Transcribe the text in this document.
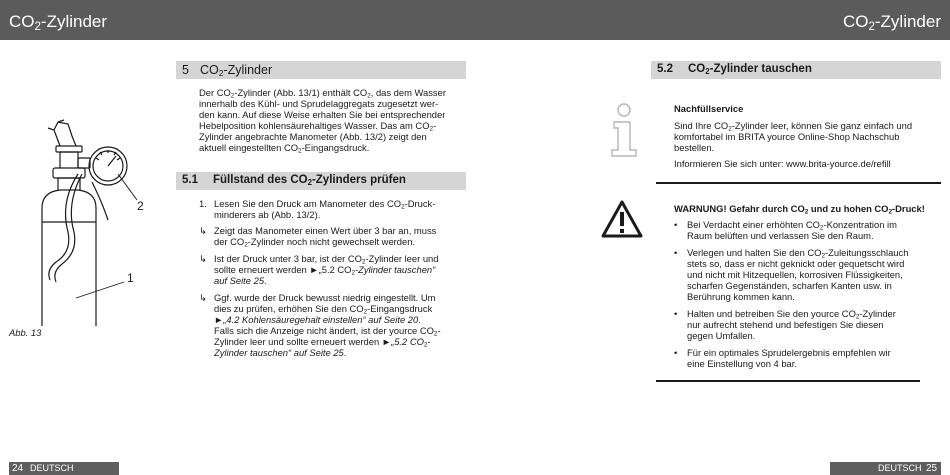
$CO_2$-Zylinder	$CO_2$-Zylinder
2
1
Abb. 13
5 $CO_2$-Zylinder
Der $CO_2$-Zylinder (Abb. 13/1) enthält $CO_2$, das dem Wasser
innerhalb des Kühl- und Sprudelaggregats zugesetzt wer-
den kann. Auf diese Weise erhalten Sie bei entsprechender
Hebelposition kohlensäurehaltiges Wasser. Das am $CO_2-$
Zylinder angebrachte Manometer (Abb. 13/2) zeigt den
aktuell eingestellten $CO_2$-Eingangsdruck.
5.1 Füllstand des $CO_2$-Zylinders prüfen
1. Lesen Sie den Druck am Manometer des $CO_2-Druck-$
minderers ab (Abb. 13/2).
↳ Zeigt das Manometer einen Wert über 3 bar an, muss
der $CO_2$-Zylinder noch nicht gewechselt werden.
↳ Ist der Druck unter 3 bar, ist der $CO_2$-Zylinder leer und
sollte erneuert werden ►„5.2 $CO_2$-Zylinder tauschen“
auf Seite 25.
↳ Ggf. wurde der Druck bewusst niedrig eingestellt. Um
dies zu prüfen, erhöhen Sie den $CO_2$-Eingangsdruck
►„4.2 Kohlensäuregehalt einstellen“ auf Seite 20.
Falls sich die Anzeige nicht ändert, ist der yource $CO_2-$
Zylinder leer und sollte erneuert werden ►„5.2 $CO_2-$
Zylinder tauschen“ auf Seite 25.
5.2 $CO_2$-Zylinder tauschen
Nachfüllservice
Sind Ihre $CO_2$-Zylinder leer, können Sie ganz einfach und
komfortabel im BRITA yource Online-Shop Nachschub
bestellen.
Informieren Sie sich unter: www.brita-yource.de/refill
WARNUNG! Gefahr durch $CO_2$ und zu hohen $CO_2$-Druck!
• Bei Verdacht einer erhöhten $CO_2$-Konzentration im
Raum belüften und verlassen Sie den Raum.
• Verlegen und halten Sie den $CO_2$-Zuleitungsschlauch
stets so, dass er nicht geknickt oder gequetscht wird
und nicht mit Hitzequellen, korrosiven Flüssigkeiten,
scharfen Gegenständen, scharfen Kanten usw. in
Berührung kommen kann.
• Halten und betreiben Sie den yource $CO_2$-Zylinder
nur aufrecht stehend und befestigen Sie diesen
gegen Umfallen.
• Für ein optimales Sprudelergebnis empfehlen wir
eine Einstellung von 4 bar.
24 DEUTSCH	DEUTSCH 25
